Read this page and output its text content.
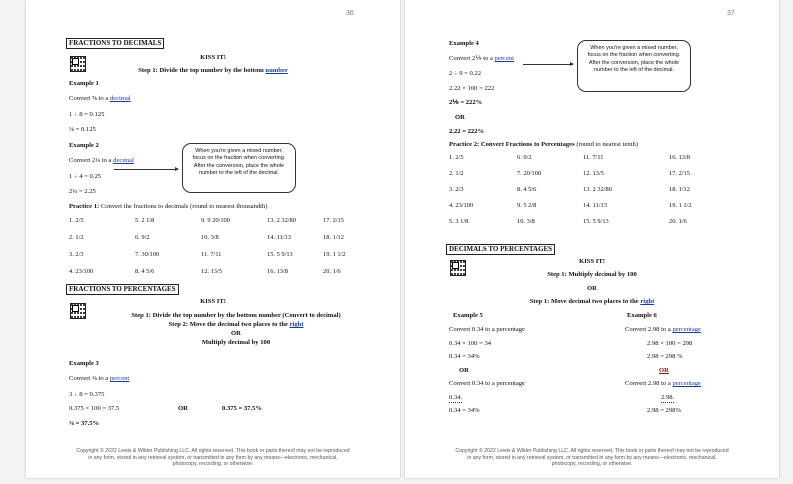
36
FRACTIONS TO DECIMALS
KISS IT!
Step 1: Divide the top number by the bottom number
Example 1
Convert ⅝ to a decimal
1 ÷ 8 = 0.125
⅛ = 0.125
Example 2
Convert 2¼ to a decimal
When you're given a mixed number, focus on the fraction when converting. After the conversion, place the whole number to the left of the decimal.
1 ÷ 4 = 0.25
2¼ = 2.25
Practice 1: Convert the fractions to decimals (round to nearest thousandth)
1. 2/5	5. 2 1/8	9. 9 20/100	13. 2 32/80	17. 2/15
2. 1/2	6. 9/2	10. 3/8	14. 11/13	18. 1/12
3. 2/3	7. 30/100	11. 7/11	15. 5 9/13	19. 1 1/2
4. 23/100	8. 4 5/6	12. 13/5	16. 13/8	20. 1/6
FRACTIONS TO PERCENTAGES
KISS IT!
Step 1: Divide the top number by the bottom number (Convert to decimal)
Step 2: Move the decimal two places to the right
OR
Multiply decimal by 100
Example 3
Convert ⅜ to a percent
3 ÷ 8 = 0.375
0.375 × 100 = 37.5	OR	0.375 = 37.5%
⅜ = 37.5%
Copyright © 2022 Lewis & Wilder Publishing LLC. All rights reserved. This book or parts thereof may not be reproduced in any form, stored in any retrieval system, or transmitted in any form by any means—electronic, mechanical, photocopy, recording, or otherwise.
37
Example 4
Convert 2⅑ to a percent
When you're given a mixed number, focus on the fraction when converting. After the conversion, place the whole number to the left of the decimal.
2 ÷ 9 = 0.22
2.22 × 100 = 222
2⅑ = 222%
OR
2.22 = 222%
Practice 2: Convert Fractions to Percentages (round to nearest tenth)
1. 2/5	6. 9/2	11. 7/11	16. 13/8
2. 1/2	7. 20/100	12. 13/5	17. 2/15
3. 2/3	8. 4 5/6	13. 2 32/80	18. 1/12
4. 23/100	9. 5 2/8	14. 11/13	19. 1 1/2
5. 3 1/8	10. 3/8	15. 5 9/13	20. 1/6
DECIMALS TO PERCENTAGES
KISS IT!
Step 1: Multiply decimal by 100
OR
Step 1: Move decimal two places to the right
Example 5
Convert 0.34 to a percentage
0.34 × 100 = 34
0.34 = 34%
OR
Convert 0.34 to a percentage
0.34.
0.34 = 34%
Example 6
Convert 2.98 to a percentage
2.98 × 100 = 298
2.98 = 298 %
OR
Convert 2.98 to a percentage
2.98.
2.98 = 298%
Copyright © 2022 Lewis & Wilder Publishing LLC. All rights reserved. This book or parts thereof may not be reproduced in any form, stored in any retrieval system, or transmitted in any form by any means—electronic, mechanical, photocopy, recording, or otherwise.
